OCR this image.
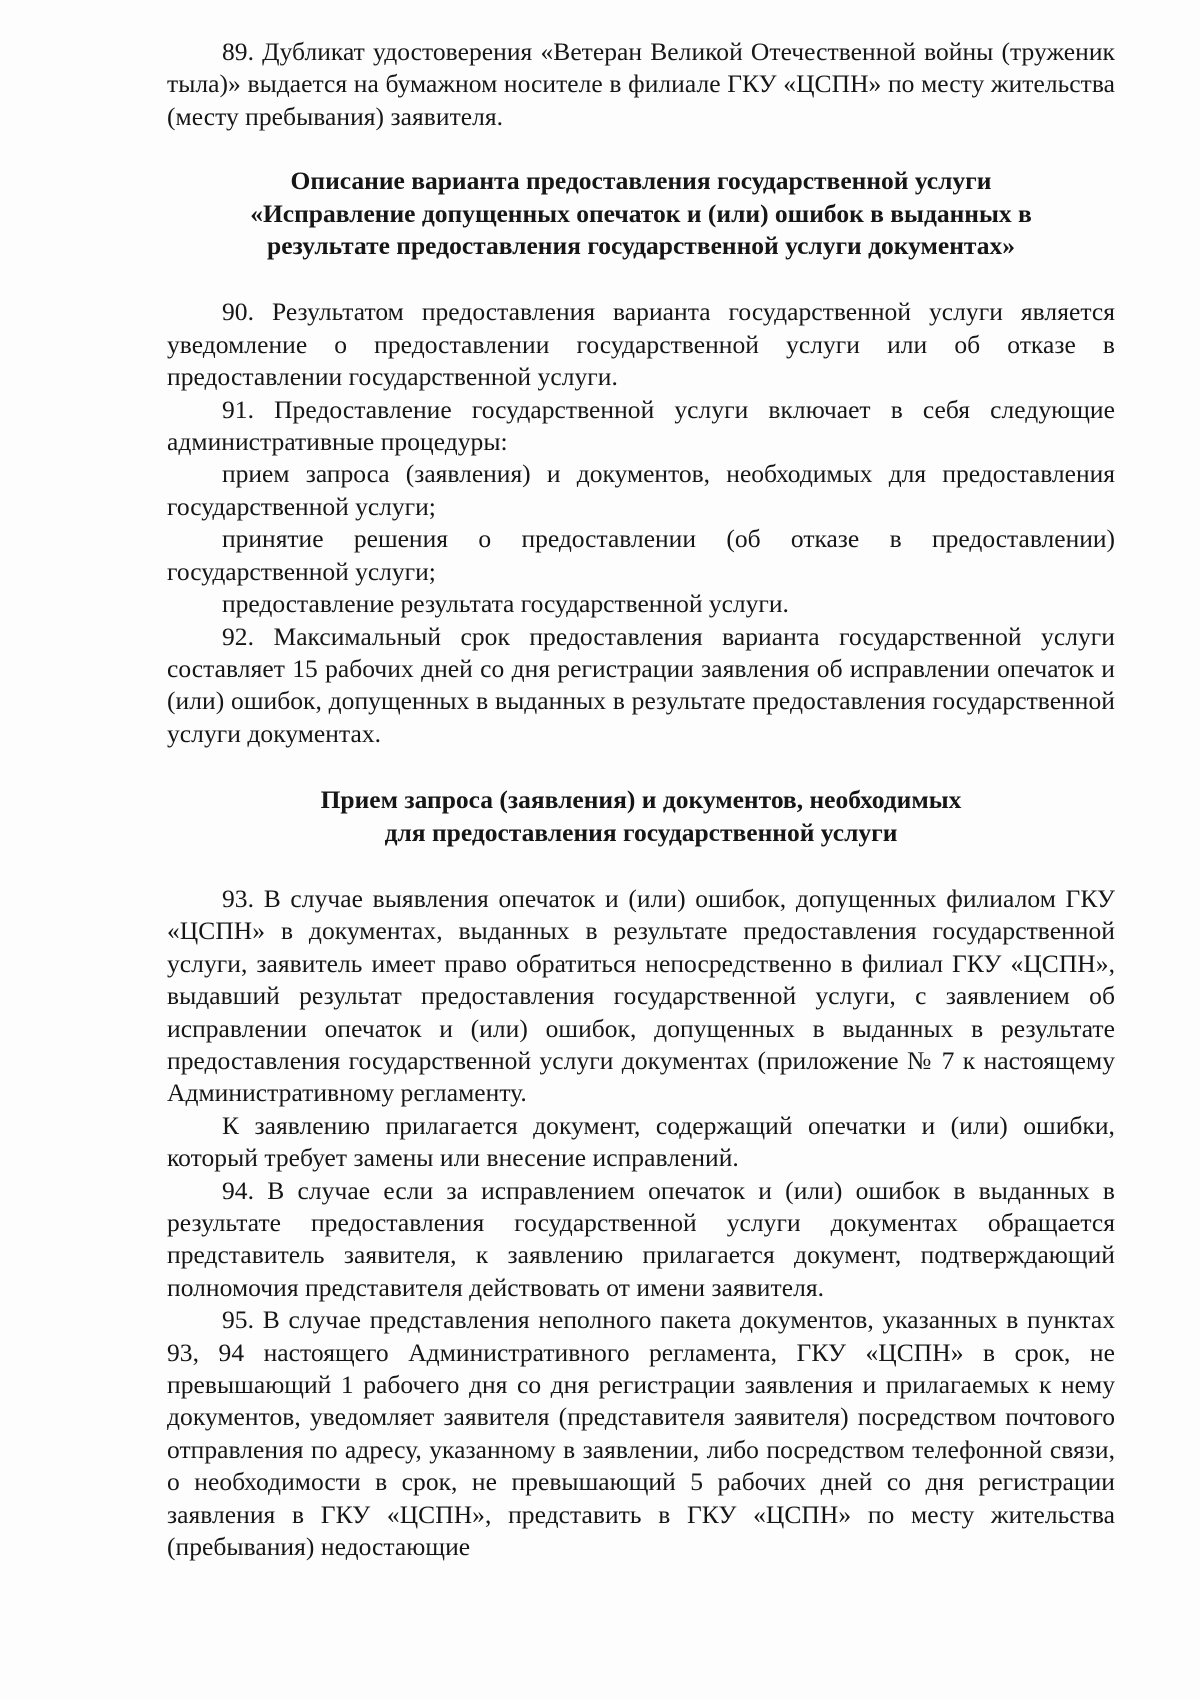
89. Дубликат удостоверения «Ветеран Великой Отечественной войны (труженик тыла)» выдается на бумажном носителе в филиале ГКУ «ЦСПН» по месту жительства (месту пребывания) заявителя.

Описание варианта предоставления государственной услуги
«Исправление допущенных опечаток и (или) ошибок в выданных в
результате предоставления государственной услуги документах»

90. Результатом предоставления варианта государственной услуги является уведомление о предоставлении государственной услуги или об отказе в предоставлении государственной услуги.

91. Предоставление государственной услуги включает в себя следующие административные процедуры:

прием запроса (заявления) и документов, необходимых для предоставления государственной услуги;

принятие решения о предоставлении (об отказе в предоставлении) государственной услуги;

предоставление результата государственной услуги.

92. Максимальный срок предоставления варианта государственной услуги составляет 15 рабочих дней со дня регистрации заявления об исправлении опечаток и (или) ошибок, допущенных в выданных в результате предоставления государственной услуги документах.

Прием запроса (заявления) и документов, необходимых
для предоставления государственной услуги

93. В случае выявления опечаток и (или) ошибок, допущенных филиалом ГКУ «ЦСПН» в документах, выданных в результате предоставления государственной услуги, заявитель имеет право обратиться непосредственно в филиал ГКУ «ЦСПН», выдавший результат предоставления государственной услуги, с заявлением об исправлении опечаток и (или) ошибок, допущенных в выданных в результате предоставления государственной услуги документах (приложение № 7 к настоящему Административному регламенту.

К заявлению прилагается документ, содержащий опечатки и (или) ошибки, который требует замены или внесение исправлений.

94. В случае если за исправлением опечаток и (или) ошибок в выданных в результате предоставления государственной услуги документах обращается представитель заявителя, к заявлению прилагается документ, подтверждающий полномочия представителя действовать от имени заявителя.

95. В случае представления неполного пакета документов, указанных в пунктах 93, 94 настоящего Административного регламента, ГКУ «ЦСПН» в срок, не превышающий 1 рабочего дня со дня регистрации заявления и прилагаемых к нему документов, уведомляет заявителя (представителя заявителя) посредством почтового отправления по адресу, указанному в заявлении, либо посредством телефонной связи, о необходимости в срок, не превышающий 5 рабочих дней со дня регистрации заявления в ГКУ «ЦСПН», представить в ГКУ «ЦСПН» по месту жительства (пребывания) недостающие
